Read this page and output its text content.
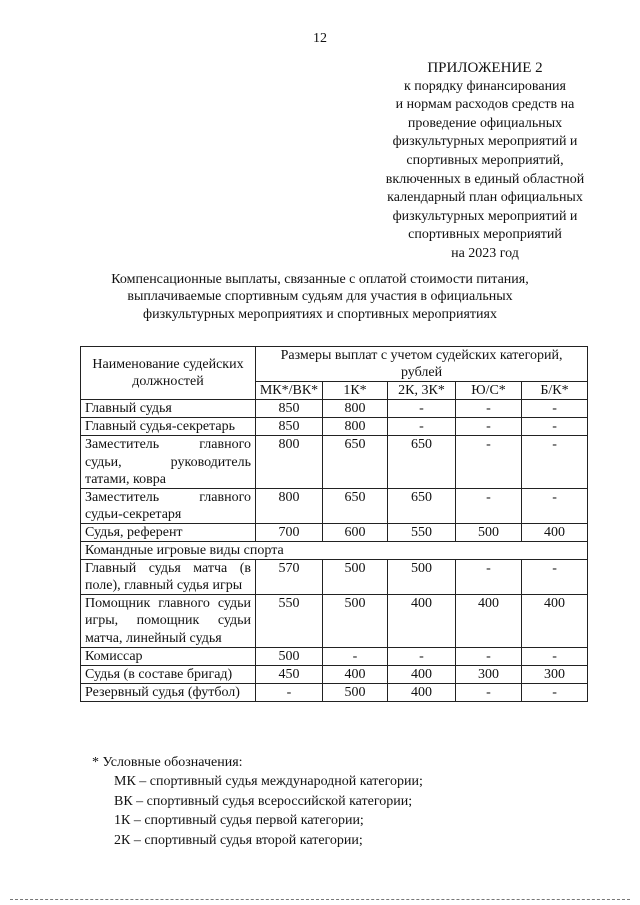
12
ПРИЛОЖЕНИЕ 2
к порядку финансирования
и нормам расходов средств на
проведение официальных
физкультурных мероприятий и
спортивных мероприятий,
включенных в единый областной
календарный план официальных
физкультурных мероприятий и
спортивных мероприятий
на 2023 год
Компенсационные выплаты, связанные с оплатой стоимости питания,
выплачиваемые спортивным судьям для участия в официальных
физкультурных мероприятиях и спортивных мероприятиях
Наименование судейских должностей	Размеры выплат с учетом судейских категорий, рублей				
	МК*/ВК*	1К*	2К, 3К*	Ю/С*	Б/К*
Главный судья	850	800	-	-	-
Главный судья-секретарь	850	800	-	-	-
Заместитель главного судьи, руководитель татами, ковра	800	650	650	-	-
Заместитель главного судьи-секретаря	800	650	650	-	-
Судья, референт	700	600	550	500	400
Командные игровые виды спорта					
Главный судья матча (в поле), главный судья игры	570	500	500	-	-
Помощник главного судьи игры, помощник судьи матча, линейный судья	550	500	400	400	400
Комиссар	500	-	-	-	-
Судья (в составе бригад)	450	400	400	300	300
Резервный судья (футбол)	-	500	400	-	-
* Условные обозначения:
МК – спортивный судья международной категории;
ВК – спортивный судья всероссийской категории;
1К – спортивный судья первой категории;
2К – спортивный судья второй категории;
